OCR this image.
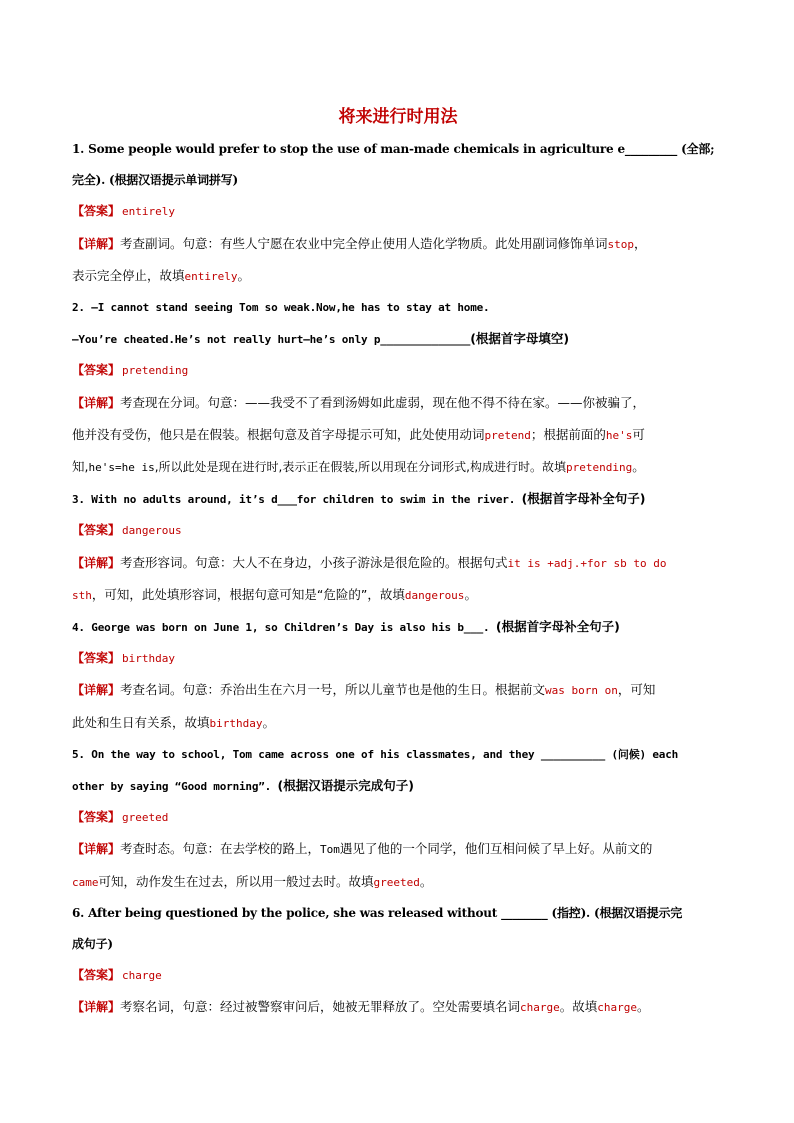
将来进行时用法
1. Some people would prefer to stop the use of man-made chemicals in agriculture e_________ (全部;
完全). (根据汉语提示单词拼写)
【答案】 entirely
【详解】考查副词。句意：有些人宁愿在农业中完全停止使用人造化学物质。此处用副词修饰单词stop，
表示完全停止，故填entirely。
2. —I cannot stand seeing Tom so weak.Now,he has to stay at home.
—You’re cheated.He’s not really hurt—he’s only p______________(根据首字母填空)
【答案】 pretending
【详解】考查现在分词。句意：——我受不了看到汤姆如此虚弱，现在他不得不待在家。——你被骗了，
他并没有受伤，他只是在假装。根据句意及首字母提示可知，此处使用动词pretend；根据前面的he's可
知,he's=he is,所以此处是现在进行时,表示正在假装,所以用现在分词形式,构成进行时。故填pretending。
3. With no adults around, it’s d___for children to swim in the river. (根据首字母补全句子)
【答案】 dangerous
【详解】考查形容词。句意：大人不在身边，小孩子游泳是很危险的。根据句式it is +adj.+for sb to do
sth，可知，此处填形容词，根据句意可知是“危险的”，故填dangerous。
4. George was born on June 1, so Children’s Day is also his b___. (根据首字母补全句子)
【答案】 birthday
【详解】考查名词。句意：乔治出生在六月一号，所以儿童节也是他的生日。根据前文was born on，可知
此处和生日有关系，故填birthday。
5. On the way to school, Tom came across one of his classmates, and they __________ (问候) each
other by saying “Good morning”. (根据汉语提示完成句子)
【答案】 greeted
【详解】考查时态。句意：在去学校的路上，Tom遇见了他的一个同学，他们互相问候了早上好。从前文的
came可知，动作发生在过去，所以用一般过去时。故填greeted。
6. After being questioned by the police, she was released without ________ (指控). (根据汉语提示完
成句子)
【答案】 charge
【详解】考察名词，句意：经过被警察审问后，她被无罪释放了。空处需要填名词charge。故填charge。
